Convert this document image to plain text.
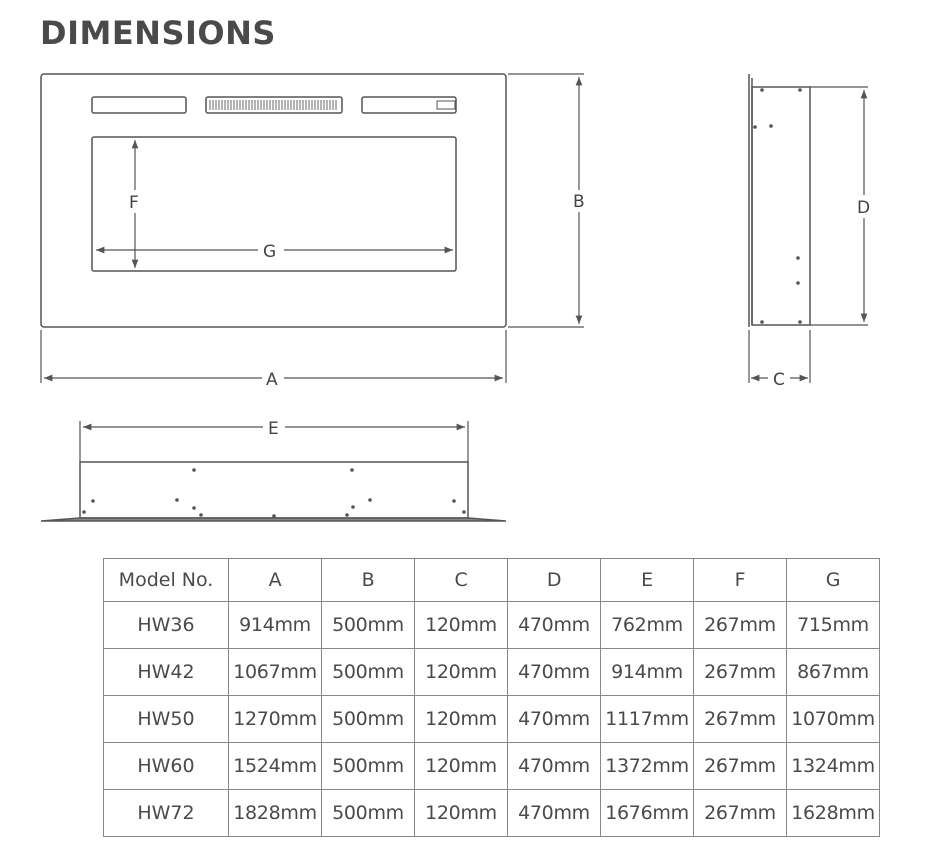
DIMENSIONS
F
G
B
A
D
C
E
Model No.	A	B	C	D	E	F	G
HW36	914mm	500mm	120mm	470mm	762mm	267mm	715mm
HW42	1067mm	500mm	120mm	470mm	914mm	267mm	867mm
HW50	1270mm	500mm	120mm	470mm	1117mm	267mm	1070mm
HW60	1524mm	500mm	120mm	470mm	1372mm	267mm	1324mm
HW72	1828mm	500mm	120mm	470mm	1676mm	267mm	1628mm
